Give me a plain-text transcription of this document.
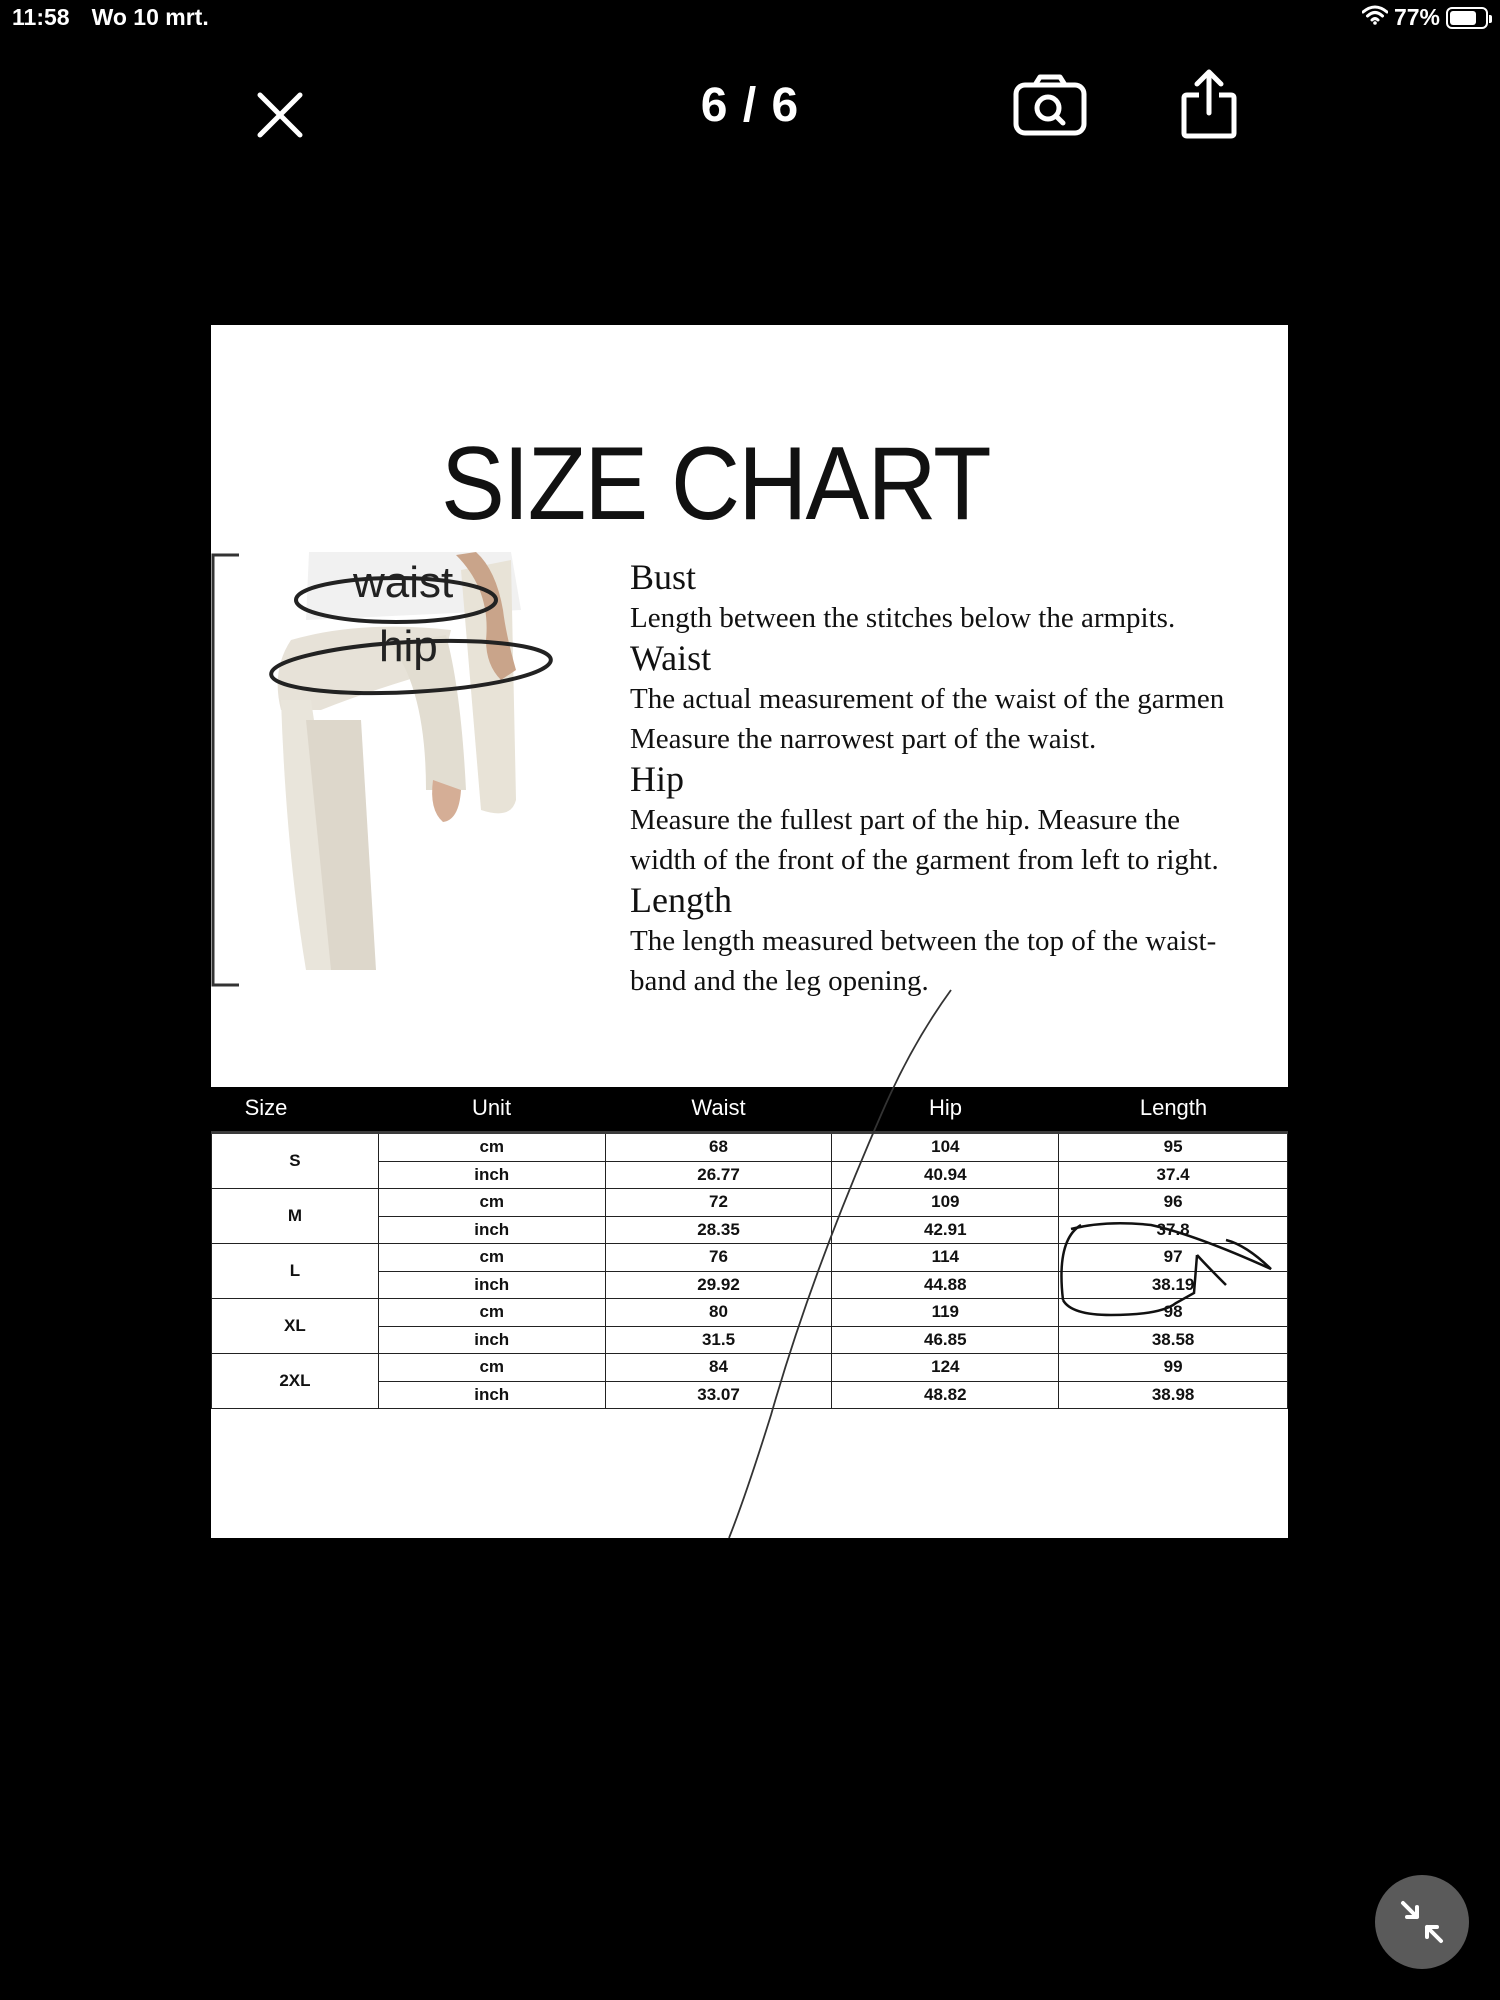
11:58 Wo 10 mrt.	77%
6 / 6
SIZE CHART
waist
hip
Bust
Length between the stitches below the armpits.
Waist
The actual measurement of the waist of the garmen
Measure the narrowest part of the waist.
Hip
Measure the fullest part of the hip. Measure the
width of the front of the garment from left to right.
Length
The length measured between the top of the waist-
band and the leg opening.
Size	Unit	Waist	Hip	Length
S	cm	68	104	95
	inch	26.77	40.94	37.4
M	cm	72	109	96
	inch	28.35	42.91	37.8
L	cm	76	114	97
	inch	29.92	44.88	38.19
XL	cm	80	119	98
	inch	31.5	46.85	38.58
2XL	cm	84	124	99
	inch	33.07	48.82	38.98
